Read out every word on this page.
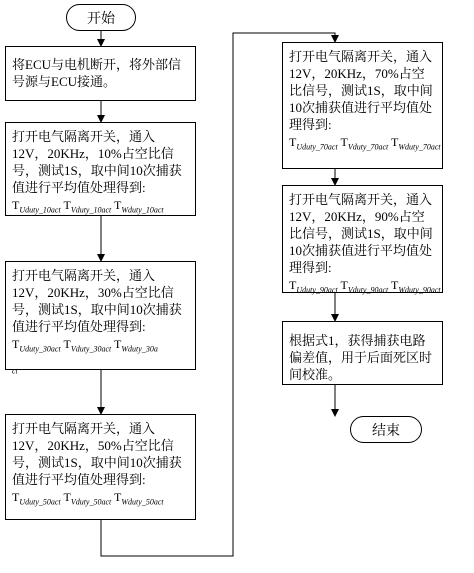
开始
将ECU与电机断开，将外部信号源与ECU接通。
打开电气隔离开关，通入12V，20KHz，10%占空比信号，测试1S，取中间10次捕获值进行平均值处理得到:
$T_{Uduty\_10act}$ $T_{Vduty\_10act}$ $T_{Wduty\_10act}$
打开电气隔离开关，通入12V，20KHz，30%占空比信号，测试1S，取中间10次捕获值进行平均值处理得到:
$T_{Uduty\_30act}$ $T_{Vduty\_30act}$ $T_{Wduty\_30a}$
$_{ct}$
打开电气隔离开关，通入12V，20KHz，50%占空比信号，测试1S，取中间10次捕获值进行平均值处理得到:
$T_{Uduty\_50act}$ $T_{Vduty\_50act}$ $T_{Wduty\_50act}$
打开电气隔离开关，通入12V，20KHz，70%占空比信号，测试1S，取中间10次捕获值进行平均值处理得到:
$T_{Uduty\_70act}$ $T_{Vduty\_70act}$ $T_{Wduty\_70act}$
打开电气隔离开关，通入12V，20KHz，90%占空比信号，测试1S，取中间10次捕获值进行平均值处理得到:
$T_{Uduty\_90act}$ $T_{Vduty\_90act}$ $T_{Wduty\_90act}$
根据式1，获得捕获电路偏差值，用于后面死区时间校准。
结束
